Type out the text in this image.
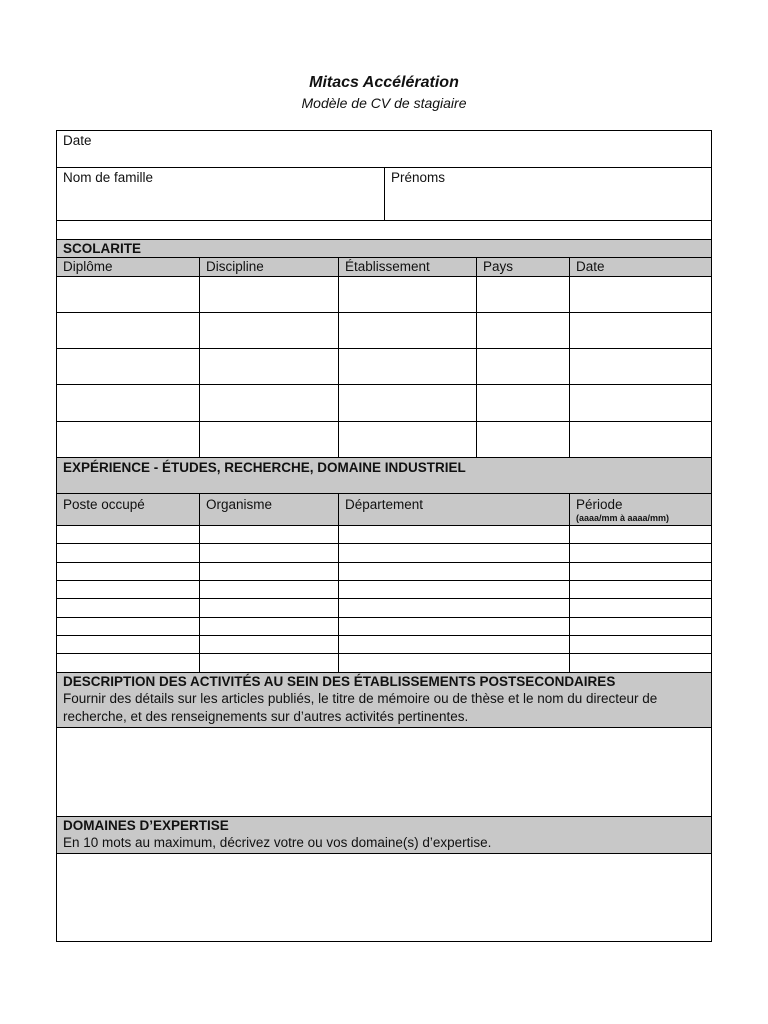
Mitacs Accélération
Modèle de CV de stagiaire
Date
Nom de famille	Prénoms
SCOLARITE
Diplôme	Discipline	Établissement	Pays	Date
EXPÉRIENCE - ÉTUDES, RECHERCHE, DOMAINE INDUSTRIEL
Poste occupé	Organisme	Département	Période
(aaaa/mm à aaaa/mm)
DESCRIPTION DES ACTIVITÉS AU SEIN DES ÉTABLISSEMENTS POSTSECONDAIRES
Fournir des détails sur les articles publiés, le titre de mémoire ou de thèse et le nom du directeur de recherche, et des renseignements sur d’autres activités pertinentes.
DOMAINES D’EXPERTISE
En 10 mots au maximum, décrivez votre ou vos domaine(s) d’expertise.
